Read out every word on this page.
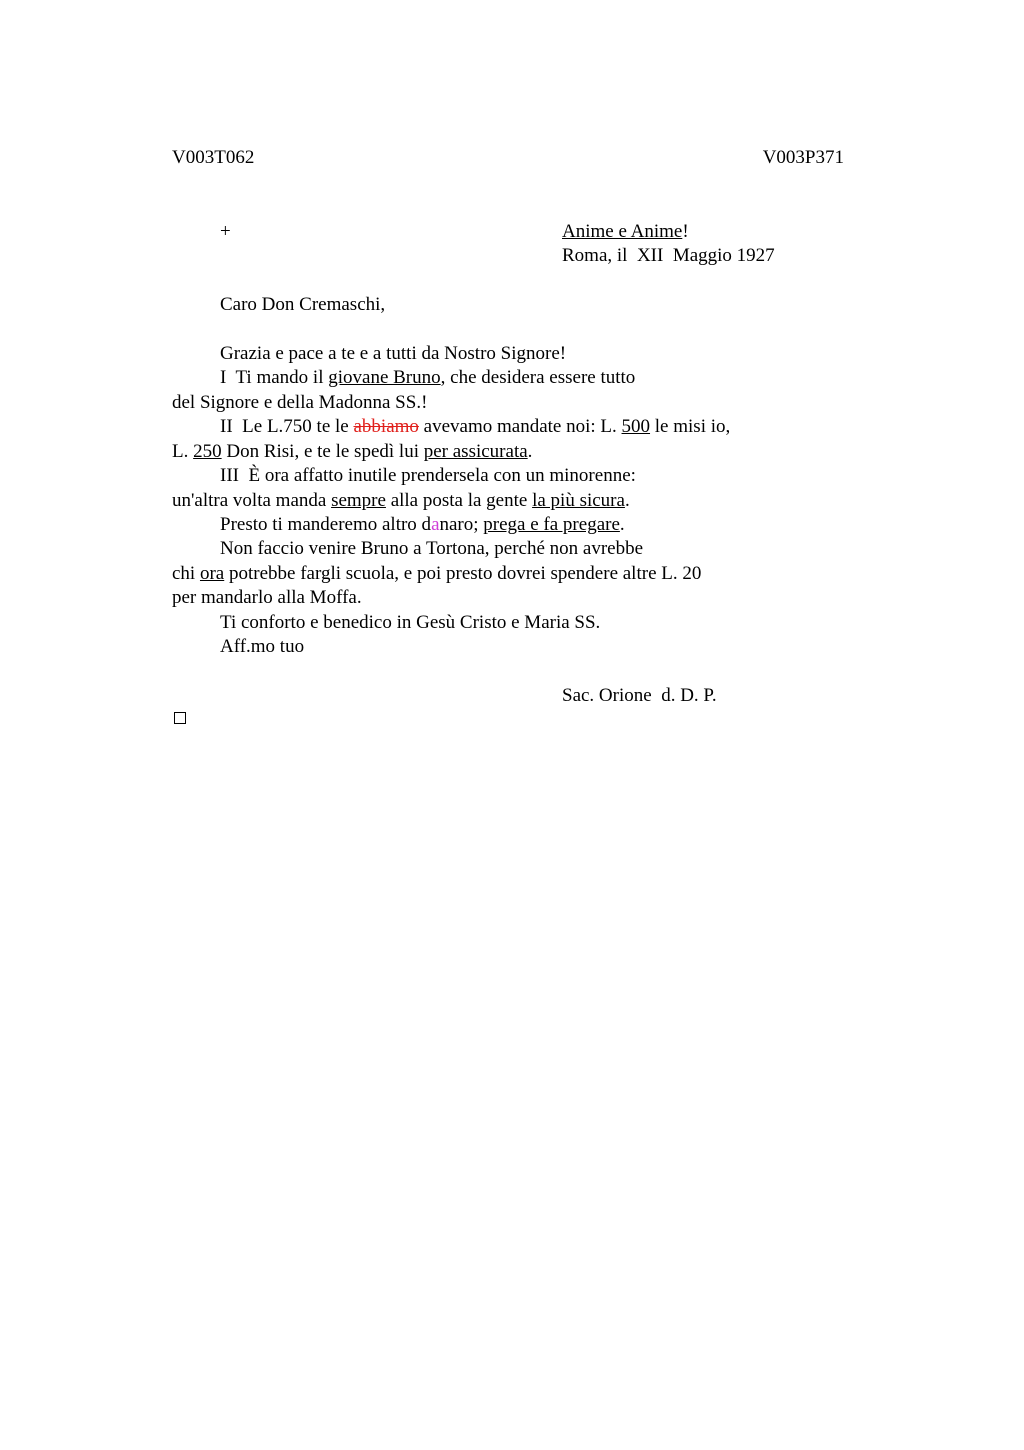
V003T062	V003P371
+	Anime e Anime!
Roma, il  XII  Maggio 1927
Caro Don Cremaschi,
Grazia e pace a te e a tutti da Nostro Signore!
I  Ti mando il giovane Bruno, che desidera essere tutto
del Signore e della Madonna SS.!
II  Le L.750 te le abbiamo avevamo mandate noi: L. 500 le misi io,
L. 250 Don Risi, e te le spedì lui per assicurata.
III  È ora affatto inutile prendersela con un minorenne:
un'altra volta manda sempre alla posta la gente la più sicura.
Presto ti manderemo altro danaro; prega e fa pregare.
Non faccio venire Bruno a Tortona, perché non avrebbe
chi ora potrebbe fargli scuola, e poi presto dovrei spendere altre L. 20
per mandarlo alla Moffa.
Ti conforto e benedico in Gesù Cristo e Maria SS.
Aff.mo tuo
Sac. Orione  d. D. P.
